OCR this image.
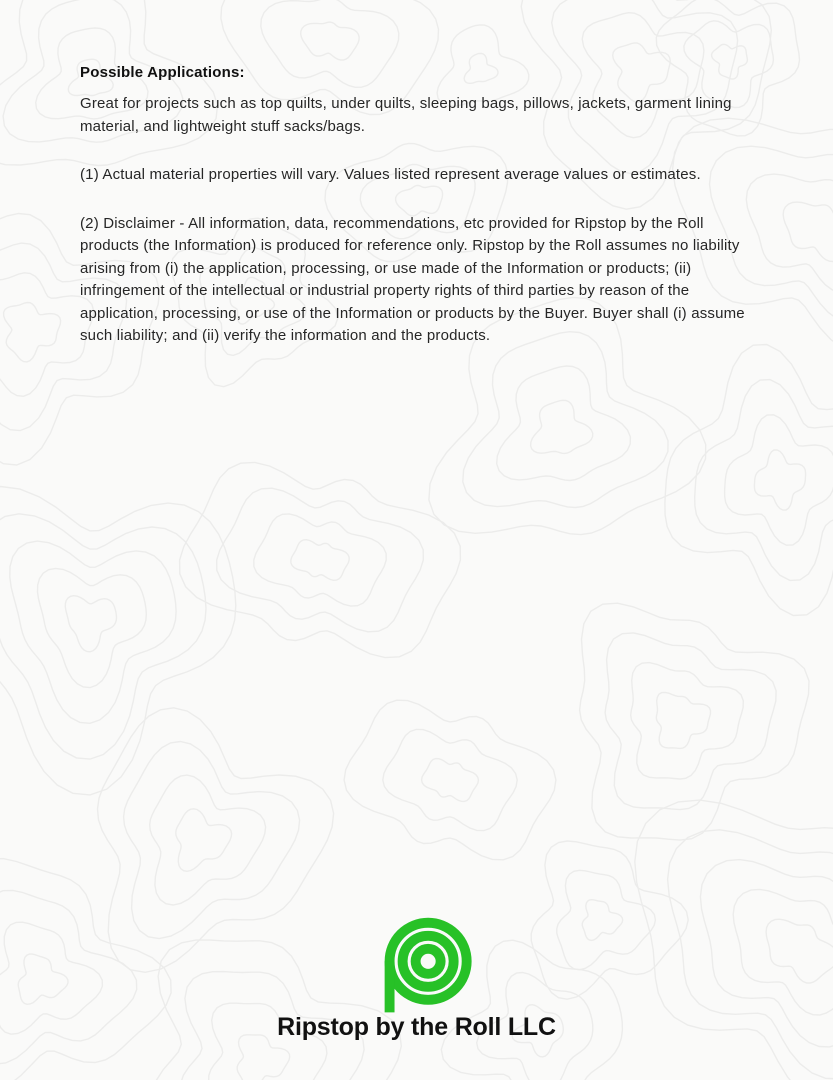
Possible Applications:

Great for projects such as top quilts, under quilts, sleeping bags, pillows, jackets, garment lining material, and lightweight stuff sacks/bags.

(1) Actual material properties will vary. Values listed represent average values or estimates.

(2) Disclaimer - All information, data, recommendations, etc provided for Ripstop by the Roll products (the Information) is produced for reference only. Ripstop by the Roll assumes no liability arising from (i) the application, processing, or use made of the Information or products; (ii) infringement of the intellectual or industrial property rights of third parties by reason of the application, processing, or use of the Information or products by the Buyer. Buyer shall (i) assume such liability; and (ii) verify the information and the products.

Ripstop by the Roll LLC
